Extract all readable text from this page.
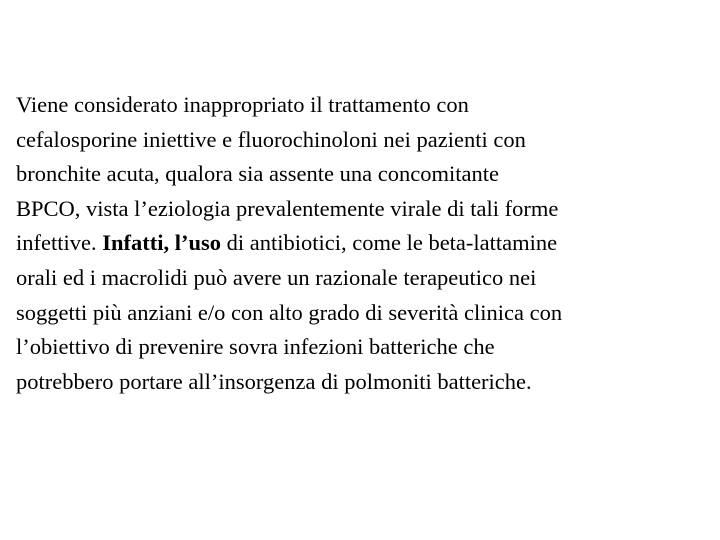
Viene considerato inappropriato il trattamento con
cefalosporine iniettive e fluorochinoloni nei pazienti con
bronchite acuta, qualora sia assente una concomitante
BPCO, vista l’eziologia prevalentemente virale di tali forme
infettive. Infatti, l’uso di antibiotici, come le beta-lattamine
orali ed i macrolidi può avere un razionale terapeutico nei
soggetti più anziani e/o con alto grado di severità clinica con
l’obiettivo di prevenire sovra infezioni batteriche che
potrebbero portare all’insorgenza di polmoniti batteriche.
